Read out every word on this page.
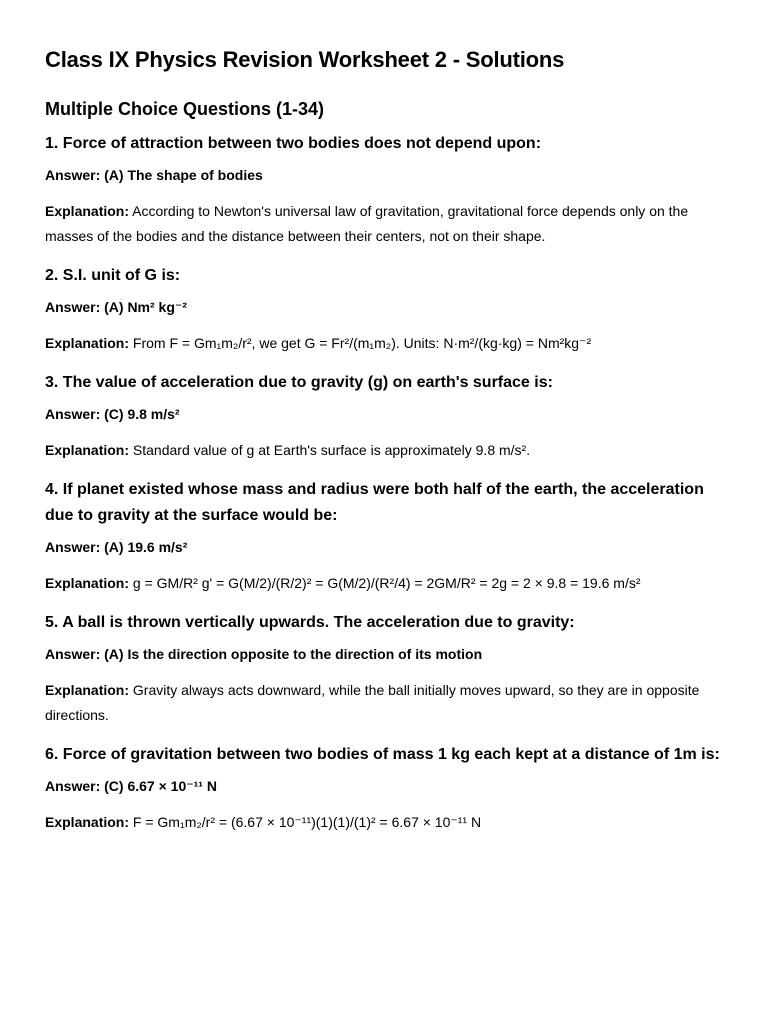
Class IX Physics Revision Worksheet 2 - Solutions
Multiple Choice Questions (1-34)
1. Force of attraction between two bodies does not depend upon:
Answer: (A) The shape of bodies
Explanation: According to Newton's universal law of gravitation, gravitational force depends only on the masses of the bodies and the distance between their centers, not on their shape.
2. S.I. unit of G is:
Answer: (A) Nm² kg⁻²
Explanation: From F = Gm₁m₂/r², we get G = Fr²/(m₁m₂). Units: N·m²/(kg·kg) = Nm²kg⁻²
3. The value of acceleration due to gravity (g) on earth's surface is:
Answer: (C) 9.8 m/s²
Explanation: Standard value of g at Earth's surface is approximately 9.8 m/s².
4. If planet existed whose mass and radius were both half of the earth, the acceleration due to gravity at the surface would be:
Answer: (A) 19.6 m/s²
Explanation: g = GM/R² g' = G(M/2)/(R/2)² = G(M/2)/(R²/4) = 2GM/R² = 2g = 2 × 9.8 = 19.6 m/s²
5. A ball is thrown vertically upwards. The acceleration due to gravity:
Answer: (A) Is the direction opposite to the direction of its motion
Explanation: Gravity always acts downward, while the ball initially moves upward, so they are in opposite directions.
6. Force of gravitation between two bodies of mass 1 kg each kept at a distance of 1m is:
Answer: (C) 6.67 × 10⁻¹¹ N
Explanation: F = Gm₁m₂/r² = (6.67 × 10⁻¹¹)(1)(1)/(1)² = 6.67 × 10⁻¹¹ N
